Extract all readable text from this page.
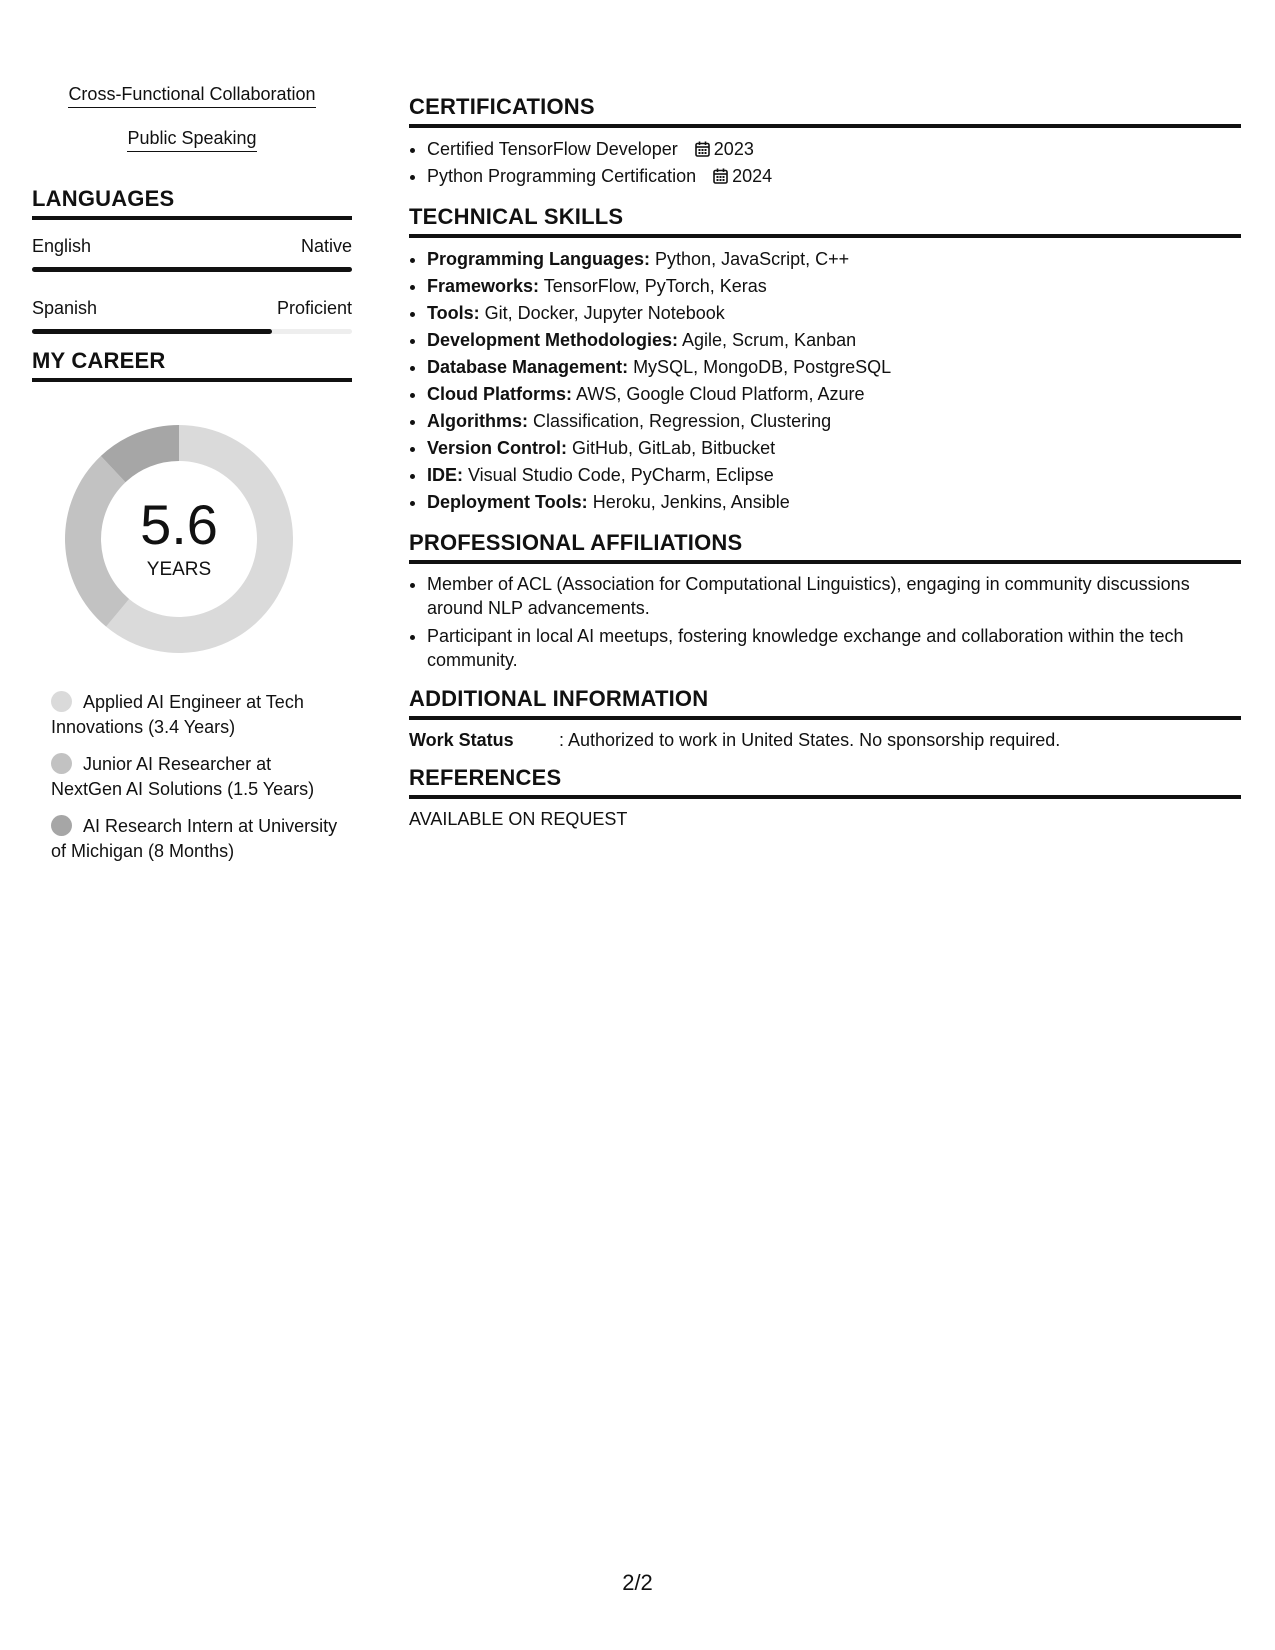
Cross-Functional Collaboration
Public Speaking
LANGUAGES
English	Native
Spanish	Proficient
MY CAREER
5.6
YEARS
Applied AI Engineer at Tech Innovations (3.4 Years)
Junior AI Researcher at NextGen AI Solutions (1.5 Years)
AI Research Intern at University of Michigan (8 Months)
CERTIFICATIONS
• Certified TensorFlow Developer 2023
• Python Programming Certification 2024
TECHNICAL SKILLS
• Programming Languages: Python, JavaScript, C++
• Frameworks: TensorFlow, PyTorch, Keras
• Tools: Git, Docker, Jupyter Notebook
• Development Methodologies: Agile, Scrum, Kanban
• Database Management: MySQL, MongoDB, PostgreSQL
• Cloud Platforms: AWS, Google Cloud Platform, Azure
• Algorithms: Classification, Regression, Clustering
• Version Control: GitHub, GitLab, Bitbucket
• IDE: Visual Studio Code, PyCharm, Eclipse
• Deployment Tools: Heroku, Jenkins, Ansible
PROFESSIONAL AFFILIATIONS
• Member of ACL (Association for Computational Linguistics), engaging in community discussions around NLP advancements.
• Participant in local AI meetups, fostering knowledge exchange and collaboration within the tech community.
ADDITIONAL INFORMATION
Work Status	: Authorized to work in United States. No sponsorship required.
REFERENCES
AVAILABLE ON REQUEST
2/2
